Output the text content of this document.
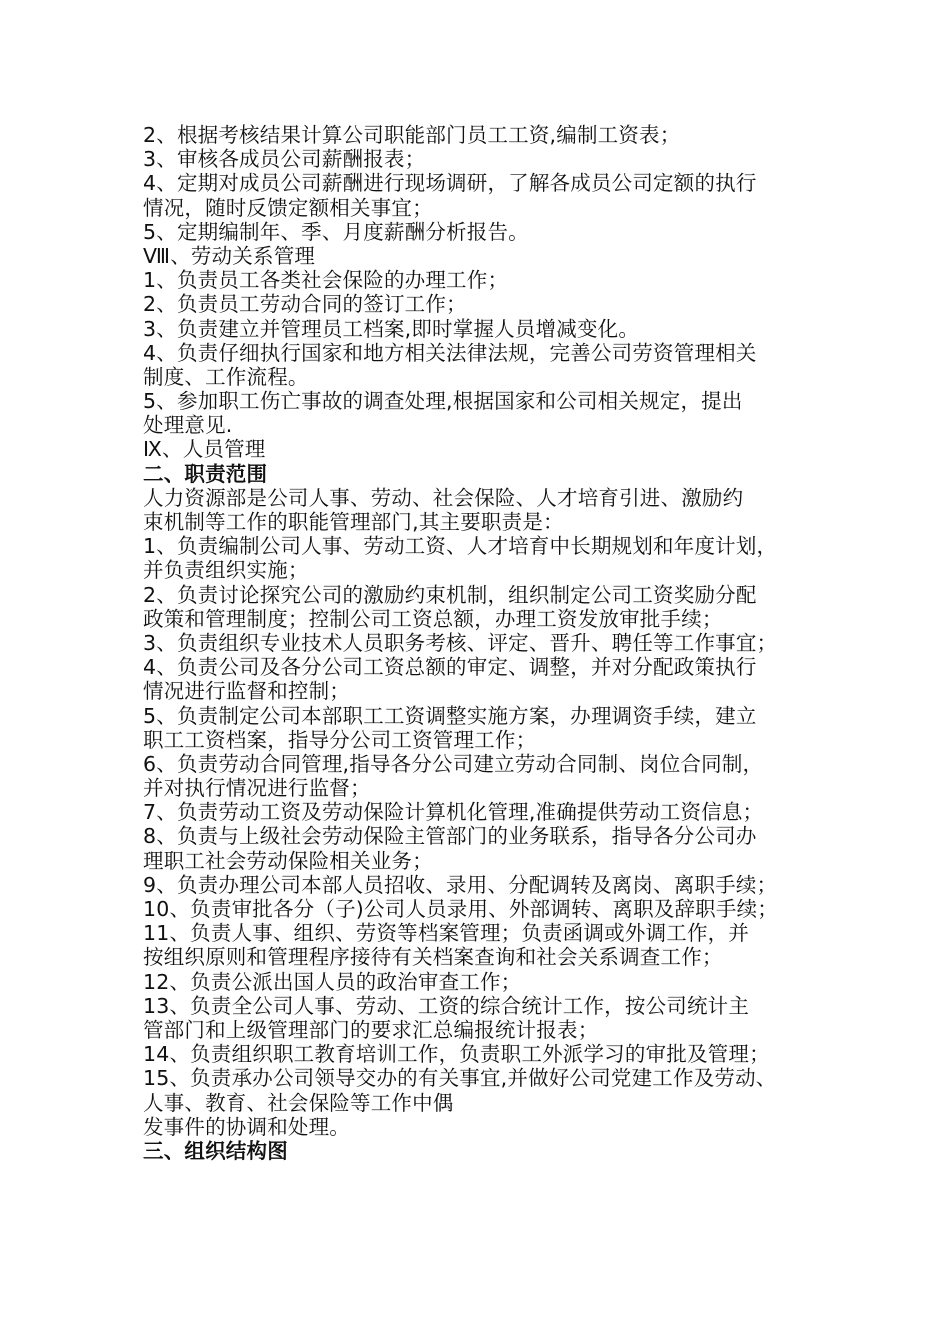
2、根据考核结果计算公司职能部门员工工资,编制工资表；
3、审核各成员公司薪酬报表；
4、定期对成员公司薪酬进行现场调研，了解各成员公司定额的执行
情况，随时反馈定额相关事宜；
5、定期编制年、季、月度薪酬分析报告。
Ⅷ、劳动关系管理
1、负责员工各类社会保险的办理工作；
2、负责员工劳动合同的签订工作；
3、负责建立并管理员工档案,即时掌握人员增减变化。
4、负责仔细执行国家和地方相关法律法规，完善公司劳资管理相关
制度、工作流程。
5、参加职工伤亡事故的调查处理,根据国家和公司相关规定，提出
处理意见.
Ⅸ、人员管理
二、职责范围
人力资源部是公司人事、劳动、社会保险、人才培育引进、激励约
束机制等工作的职能管理部门,其主要职责是：
1、负责编制公司人事、劳动工资、人才培育中长期规划和年度计划，
并负责组织实施；
2、负责讨论探究公司的激励约束机制，组织制定公司工资奖励分配
政策和管理制度；控制公司工资总额，办理工资发放审批手续；
3、负责组织专业技术人员职务考核、评定、晋升、聘任等工作事宜；
4、负责公司及各分公司工资总额的审定、调整，并对分配政策执行
情况进行监督和控制；
5、负责制定公司本部职工工资调整实施方案，办理调资手续，建立
职工工资档案，指导分公司工资管理工作；
6、负责劳动合同管理,指导各分公司建立劳动合同制、岗位合同制，
并对执行情况进行监督；
7、负责劳动工资及劳动保险计算机化管理,准确提供劳动工资信息；
8、负责与上级社会劳动保险主管部门的业务联系，指导各分公司办
理职工社会劳动保险相关业务；
9、负责办理公司本部人员招收、录用、分配调转及离岗、离职手续；
10、负责审批各分（子)公司人员录用、外部调转、离职及辞职手续；
11、负责人事、组织、劳资等档案管理；负责函调或外调工作，并
按组织原则和管理程序接待有关档案查询和社会关系调查工作；
12、负责公派出国人员的政治审查工作；
13、负责全公司人事、劳动、工资的综合统计工作，按公司统计主
管部门和上级管理部门的要求汇总编报统计报表；
14、负责组织职工教育培训工作，负责职工外派学习的审批及管理；
15、负责承办公司领导交办的有关事宜,并做好公司党建工作及劳动、
人事、教育、社会保险等工作中偶
发事件的协调和处理。
三、组织结构图
